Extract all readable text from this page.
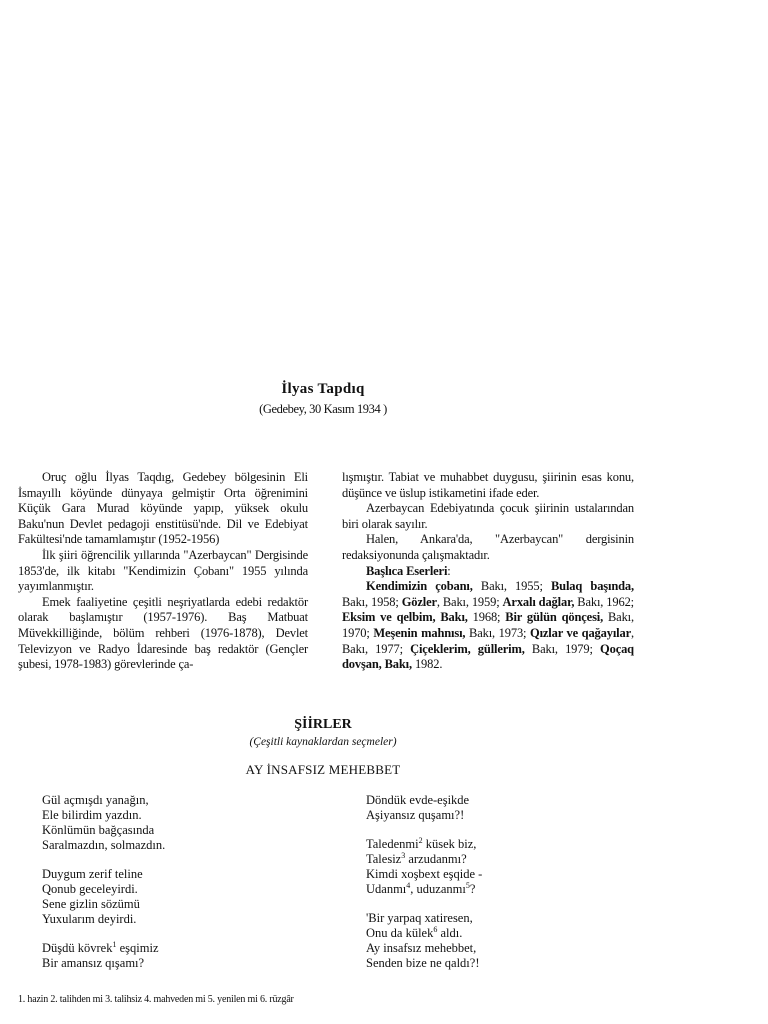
İlyas Tapdıq
(Gedebey, 30 Kasım 1934 )

Oruç oğlu İlyas Taqdıg, Gedebey bölgesinin Eli İsmayıllı köyünde dünyaya gelmiştir Orta öğrenimini Küçük Gara Murad köyünde yapıp, yüksek okulu Baku'nun Devlet pedagoji enstitüsü'nde. Dil ve Edebiyat Fakültesi'nde tamamlamıştır (1952-1956)

İlk şiiri öğrencilik yıllarında "Azerbaycan" Dergisinde 1853'de, ilk kitabı "Kendimizin Çobanı" 1955 yılında yayımlanmıştır.

Emek faaliyetine çeşitli neşriyatlarda edebi redaktör olarak başlamıştır (1957-1976). Baş Matbuat Müvekkilliğinde, bölüm rehberi (1976-1878), Devlet Televizyon ve Radyo İdaresinde baş redaktör (Gençler şubesi, 1978-1983) görevlerinde ça-

lışmıştır. Tabiat ve muhabbet duygusu, şiirinin esas konu, düşünce ve üslup istikametini ifade eder.

Azerbaycan Edebiyatında çocuk şiirinin ustalarından biri olarak sayılır.

Halen, Ankara'da, "Azerbaycan" dergisinin redaksiyonunda çalışmaktadır.

Başlıca Eserleri:

Kendimizin çobanı, Bakı, 1955; Bulaq başında, Bakı, 1958; Gözler, Bakı, 1959; Arxalı dağlar, Bakı, 1962; Eksim ve qelbim, Bakı, 1968; Bir gülün qönçesi, Bakı, 1970; Meşenin mahnısı, Bakı, 1973; Qızlar ve qağayılar, Bakı, 1977; Çiçeklerim, güllerim, Bakı, 1979; Qoçaq dovşan, Bakı, 1982.

ŞİİRLER
(Çeşitli kaynaklardan seçmeler)
AY İNSAFSIZ MEHEBBET
Gül açmışdı yanağın,
Ele bilirdim yazdın.
Könlümün bağçasında
Saralmazdın, solmazdın.
Duygum zerif teline
Qonub geceleyirdi.
Sene gizlin sözümü
Yuxularım deyirdi.
Düşdü kövrek$^1$ eşqimiz
Bir amansız qışamı?
Döndük evde-eşikde
Aşiyansız quşamı?!
Taledenmi$^2$ küsek biz,
Talesiz$^3$ arzudanmı?
Kimdi xoşbext eşqide -
Udanmı$^4$, uduzanmı$^5$?
'Bir yarpaq xatiresen,
Onu da külek$^6$ aldı.
Ay insafsız mehebbet,
Senden bize ne qaldı?!
1. hazin 2. talihden mi 3. talihsiz 4. mahveden mi 5. yenilen mi 6. rüzgâr
